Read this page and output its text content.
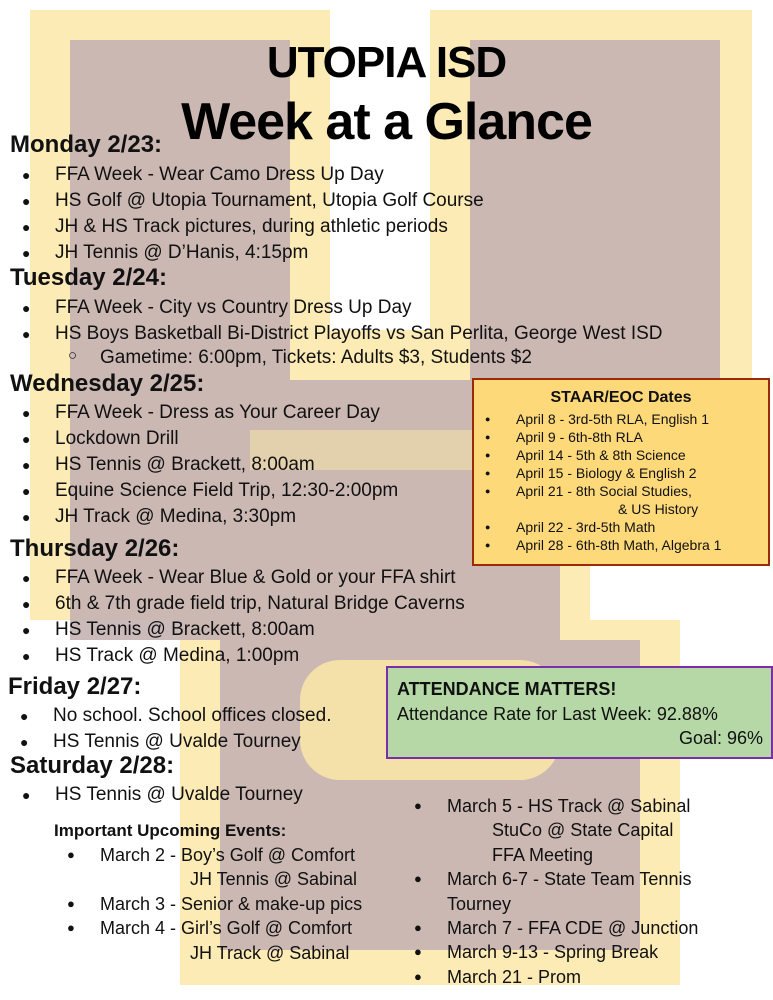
UTOPIA ISD
Week at a Glance
Monday 2/23:
● FFA Week - Wear Camo Dress Up Day
● HS Golf @ Utopia Tournament, Utopia Golf Course
● JH & HS Track pictures, during athletic periods
● JH Tennis @ D’Hanis, 4:15pm
Tuesday 2/24:
● FFA Week - City vs Country Dress Up Day
● HS Boys Basketball Bi-District Playoffs vs San Perlita, George West ISD
○ Gametime: 6:00pm, Tickets: Adults $3, Students $2
Wednesday 2/25:
● FFA Week - Dress as Your Career Day
● Lockdown Drill
● HS Tennis @ Brackett, 8:00am
● Equine Science Field Trip, 12:30-2:00pm
● JH Track @ Medina, 3:30pm
Thursday 2/26:
● FFA Week - Wear Blue & Gold or your FFA shirt
● 6th & 7th grade field trip, Natural Bridge Caverns
● HS Tennis @ Brackett, 8:00am
● HS Track @ Medina, 1:00pm
Friday 2/27:
● No school. School offices closed.
● HS Tennis @ Uvalde Tourney
Saturday 2/28:
● HS Tennis @ Uvalde Tourney
STAAR/EOC Dates
● April 8 - 3rd-5th RLA, English 1
● April 9 - 6th-8th RLA
● April 14 - 5th & 8th Science
● April 15 - Biology & English 2
● April 21 - 8th Social Studies,
& US History
● April 22 - 3rd-5th Math
● April 28 - 6th-8th Math, Algebra 1
ATTENDANCE MATTERS!
Attendance Rate for Last Week: 92.88%
Goal: 96%
Important Upcoming Events:
● March 2 - Boy’s Golf @ Comfort
JH Tennis @ Sabinal
● March 3 - Senior & make-up pics
● March 4 - Girl’s Golf @ Comfort
JH Track @ Sabinal
● March 5 - HS Track @ Sabinal
StuCo @ State Capital
FFA Meeting
● March 6-7 - State Team Tennis
Tourney
● March 7 - FFA CDE @ Junction
● March 9-13 - Spring Break
● March 21 - Prom
